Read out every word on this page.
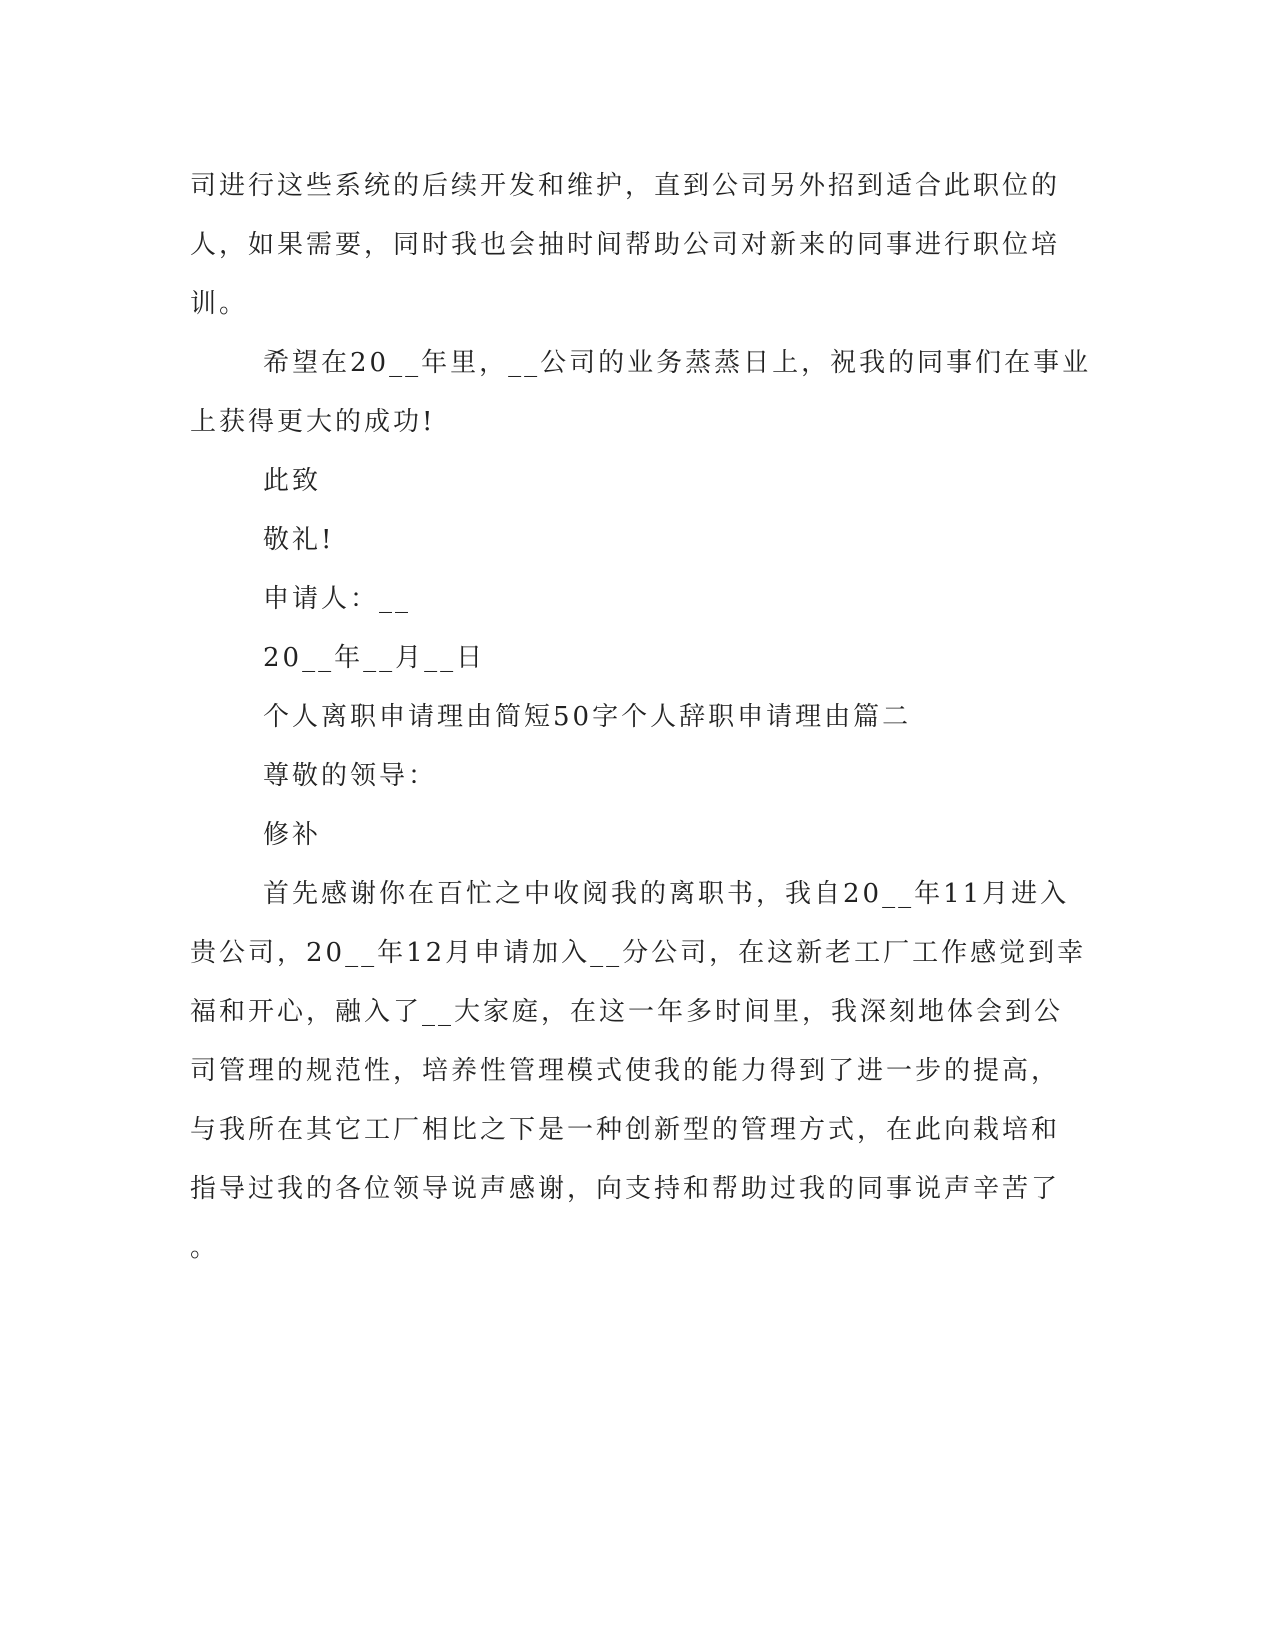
司进行这些系统的后续开发和维护，直到公司另外招到适合此职位的
人，如果需要，同时我也会抽时间帮助公司对新来的同事进行职位培
训。
希望在20__年里，__公司的业务蒸蒸日上，祝我的同事们在事业
上获得更大的成功!
此致
敬礼!
申请人：__
20__年__月__日
个人离职申请理由简短50字个人辞职申请理由篇二
尊敬的领导：
修补
首先感谢你在百忙之中收阅我的离职书，我自20__年11月进入
贵公司，20__年12月申请加入__分公司，在这新老工厂工作感觉到幸
福和开心，融入了__大家庭，在这一年多时间里，我深刻地体会到公
司管理的规范性，培养性管理模式使我的能力得到了进一步的提高，
与我所在其它工厂相比之下是一种创新型的管理方式，在此向栽培和
指导过我的各位领导说声感谢，向支持和帮助过我的同事说声辛苦了
。
